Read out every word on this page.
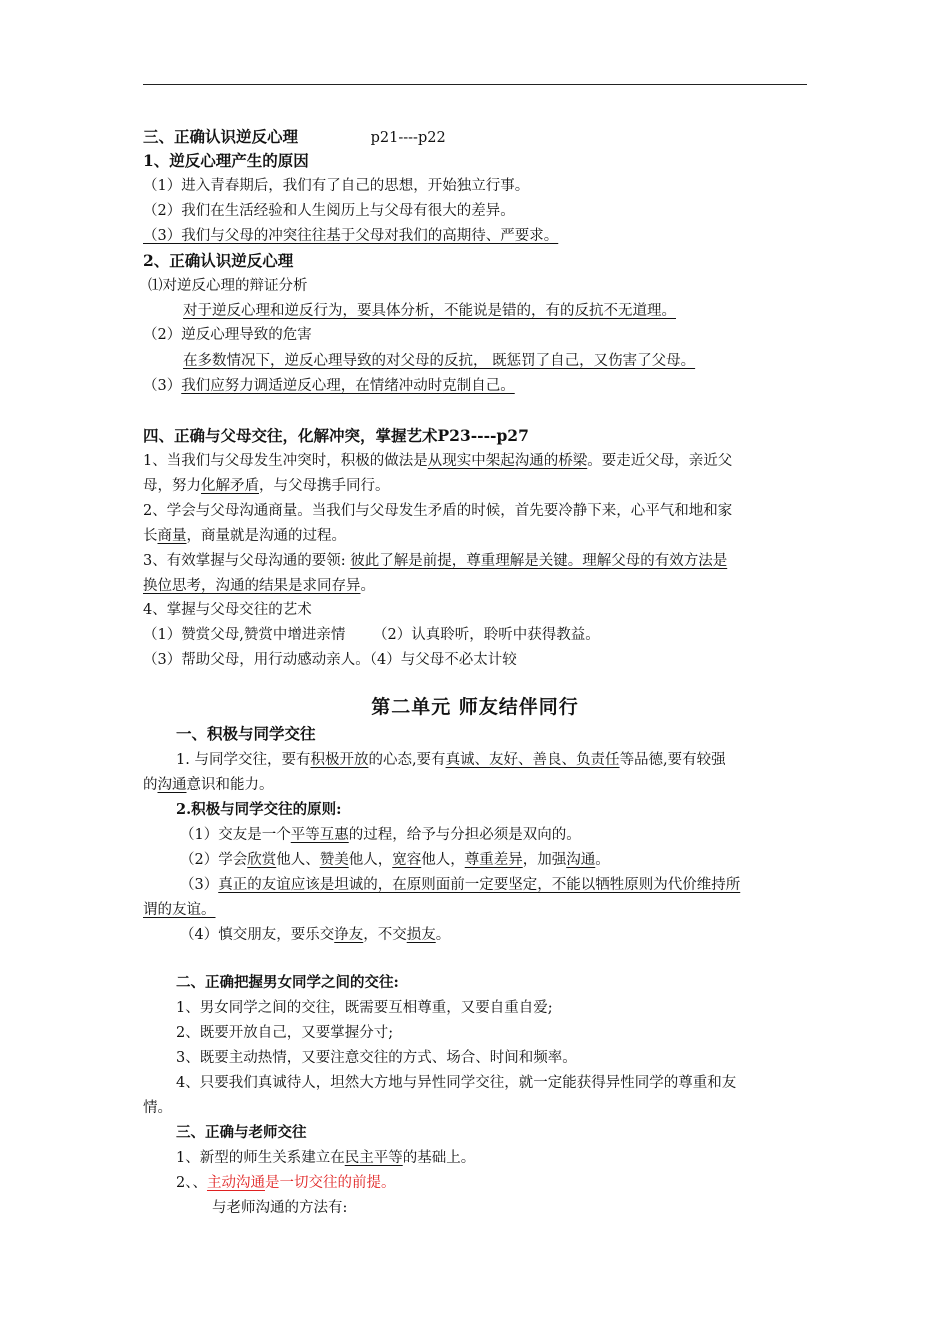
三、正确认识逆反心理	p21----p22
1、逆反心理产生的原因
（1）进入青春期后，我们有了自己的思想，开始独立行事。
（2）我们在生活经验和人生阅历上与父母有很大的差异。
（3）我们与父母的冲突往往基于父母对我们的高期待、严要求。
2、正确认识逆反心理
⑴对逆反心理的辩证分析
对于逆反心理和逆反行为，要具体分析，不能说是错的，有的反抗不无道理。
（2）逆反心理导致的危害
在多数情况下，逆反心理导致的对父母的反抗， 既惩罚了自己，又伤害了父母。
（3）我们应努力调适逆反心理，在情绪冲动时克制自己。
四、正确与父母交往，化解冲突，掌握艺术P23----p27
1、当我们与父母发生冲突时，积极的做法是从现实中架起沟通的桥梁。要走近父母，亲近父
母，努力化解矛盾，与父母携手同行。
2、学会与父母沟通商量。当我们与父母发生矛盾的时候，首先要冷静下来，心平气和地和家
长商量，商量就是沟通的过程。
3、有效掌握与父母沟通的要领: 彼此了解是前提，尊重理解是关键。理解父母的有效方法是
换位思考，沟通的结果是求同存异。
4、掌握与父母交往的艺术
（1）赞赏父母,赞赏中增进亲情      （2）认真聆听，聆听中获得教益。
（3）帮助父母，用行动感动亲人。（4）与父母不必太计较
第二单元 师友结伴同行
一、积极与同学交往
1. 与同学交往，要有积极开放的心态,要有真诚、友好、善良、负责任等品德,要有较强
的沟通意识和能力。
2.积极与同学交往的原则:
（1）交友是一个平等互惠的过程，给予与分担必须是双向的。
（2）学会欣赏他人、赞美他人，宽容他人，尊重差异，加强沟通。
（3）真正的友谊应该是坦诚的，在原则面前一定要坚定，不能以牺牲原则为代价维持所
谓的友谊。
（4）慎交朋友，要乐交诤友，不交损友。
二、正确把握男女同学之间的交往:
1、男女同学之间的交往，既需要互相尊重，又要自重自爱;
2、既要开放自己，又要掌握分寸;
3、既要主动热情，又要注意交往的方式、场合、时间和频率。
4、只要我们真诚待人，坦然大方地与异性同学交往，就一定能获得异性同学的尊重和友
情。
三、正确与老师交往
1、新型的师生关系建立在民主平等的基础上。
2、、主动沟通是一切交往的前提。
与老师沟通的方法有:
